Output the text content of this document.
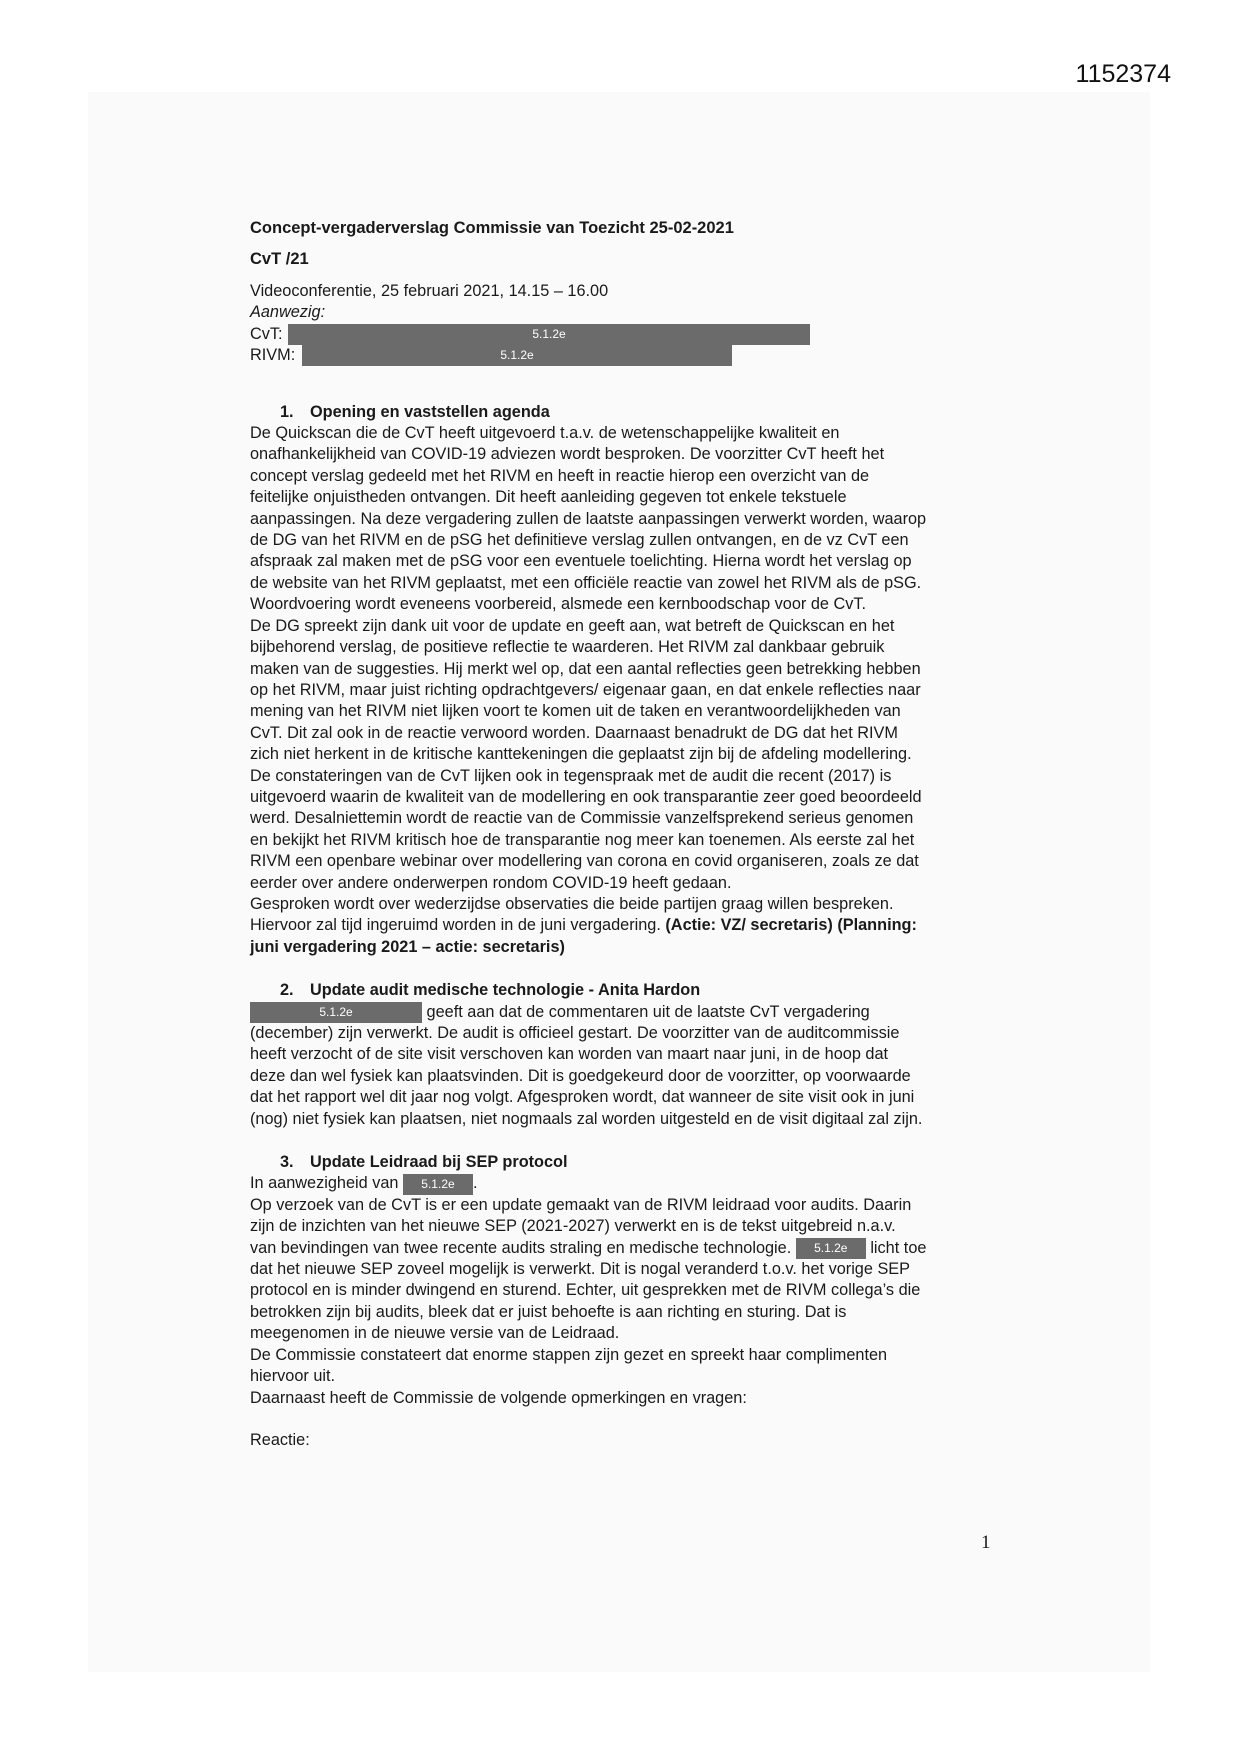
1152374

Concept-vergaderverslag Commissie van Toezicht 25-02-2021

CvT /21

Videoconferentie, 25 februari 2021, 14.15 – 16.00
Aanwezig:
CvT:	5.1.2e
RIVM:	5.1.2e
1. Opening en vaststellen agenda
De Quickscan die de CvT heeft uitgevoerd t.a.v. de wetenschappelijke kwaliteit en
onafhankelijkheid van COVID-19 adviezen wordt besproken. De voorzitter CvT heeft het
concept verslag gedeeld met het RIVM en heeft in reactie hierop een overzicht van de
feitelijke onjuistheden ontvangen. Dit heeft aanleiding gegeven tot enkele tekstuele
aanpassingen. Na deze vergadering zullen de laatste aanpassingen verwerkt worden, waarop
de DG van het RIVM en de pSG het definitieve verslag zullen ontvangen, en de vz CvT een
afspraak zal maken met de pSG voor een eventuele toelichting. Hierna wordt het verslag op
de website van het RIVM geplaatst, met een officiële reactie van zowel het RIVM als de pSG.
Woordvoering wordt eveneens voorbereid, alsmede een kernboodschap voor de CvT.
De DG spreekt zijn dank uit voor de update en geeft aan, wat betreft de Quickscan en het
bijbehorend verslag, de positieve reflectie te waarderen. Het RIVM zal dankbaar gebruik
maken van de suggesties. Hij merkt wel op, dat een aantal reflecties geen betrekking hebben
op het RIVM, maar juist richting opdrachtgevers/ eigenaar gaan, en dat enkele reflecties naar
mening van het RIVM niet lijken voort te komen uit de taken en verantwoordelijkheden van
CvT. Dit zal ook in de reactie verwoord worden. Daarnaast benadrukt de DG dat het RIVM
zich niet herkent in de kritische kanttekeningen die geplaatst zijn bij de afdeling modellering.
De constateringen van de CvT lijken ook in tegenspraak met de audit die recent (2017) is
uitgevoerd waarin de kwaliteit van de modellering en ook transparantie zeer goed beoordeeld
werd. Desalniettemin wordt de reactie van de Commissie vanzelfsprekend serieus genomen
en bekijkt het RIVM kritisch hoe de transparantie nog meer kan toenemen. Als eerste zal het
RIVM een openbare webinar over modellering van corona en covid organiseren, zoals ze dat
eerder over andere onderwerpen rondom COVID-19 heeft gedaan.
Gesproken wordt over wederzijdse observaties die beide partijen graag willen bespreken.
Hiervoor zal tijd ingeruimd worden in de juni vergadering. (Actie: VZ/ secretaris) (Planning:
juni vergadering 2021 – actie: secretaris)
2. Update audit medische technologie - Anita Hardon
5.1.2e	geeft aan dat de commentaren uit de laatste CvT vergadering
(december) zijn verwerkt. De audit is officieel gestart. De voorzitter van de auditcommissie
heeft verzocht of de site visit verschoven kan worden van maart naar juni, in de hoop dat
deze dan wel fysiek kan plaatsvinden. Dit is goedgekeurd door de voorzitter, op voorwaarde
dat het rapport wel dit jaar nog volgt. Afgesproken wordt, dat wanneer de site visit ook in juni
(nog) niet fysiek kan plaatsen, niet nogmaals zal worden uitgesteld en de visit digitaal zal zijn.
3. Update Leidraad bij SEP protocol
In aanwezigheid van 5.1.2e .
Op verzoek van de CvT is er een update gemaakt van de RIVM leidraad voor audits. Daarin
zijn de inzichten van het nieuwe SEP (2021-2027) verwerkt en is de tekst uitgebreid n.a.v.
van bevindingen van twee recente audits straling en medische technologie. 5.1.2e licht toe
dat het nieuwe SEP zoveel mogelijk is verwerkt. Dit is nogal veranderd t.o.v. het vorige SEP
protocol en is minder dwingend en sturend. Echter, uit gesprekken met de RIVM collega’s die
betrokken zijn bij audits, bleek dat er juist behoefte is aan richting en sturing. Dat is
meegenomen in de nieuwe versie van de Leidraad.
De Commissie constateert dat enorme stappen zijn gezet en spreekt haar complimenten
hiervoor uit.
Daarnaast heeft de Commissie de volgende opmerkingen en vragen:
Reactie:
1
